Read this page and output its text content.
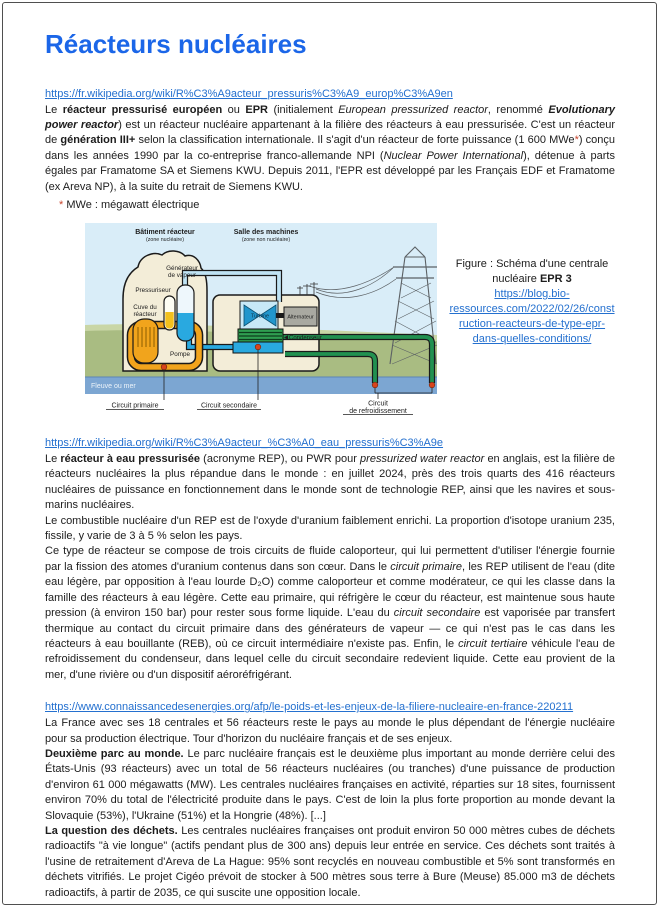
Réacteurs nucléaires
https://fr.wikipedia.org/wiki/R%C3%A9acteur_pressuris%C3%A9_europ%C3%A9en

Le réacteur pressurisé européen ou EPR (initialement European pressurized reactor, renommé Evolutionary power reactor) est un réacteur nucléaire appartenant à la filière des réacteurs à eau pressurisée. C'est un réacteur de génération III+ selon la classification internationale. Il s'agit d'un réacteur de forte puissance (1 600 MWe*) conçu dans les années 1990 par la co-entreprise franco-allemande NPI (Nuclear Power International), détenue à parts égales par Framatome SA et Siemens KWU. Depuis 2011, l'EPR est développé par les Français EDF et Framatome (ex Areva NP), à la suite du retrait de Siemens KWU.

* MWe : mégawatt électrique

Bâtiment réacteur
(zone nucléaire)
Salle des machines
(zone non nucléaire)
Générateur
de vapeur
Pressuriseur
Cuve du
réacteur
Pompe
Turbine	Alternateur
Condenseur
Fleuve ou mer
Circuit primaire	Circuit secondaire	Circuit
de refroidissement
Figure : Schéma d'une centrale nucléaire EPR 3
https://blog.bio-ressources.com/2022/02/26/construction-reacteurs-de-type-epr-dans-quelles-conditions/
https://fr.wikipedia.org/wiki/R%C3%A9acteur_%C3%A0_eau_pressuris%C3%A9e

Le réacteur à eau pressurisée (acronyme REP), ou PWR pour pressurized water reactor en anglais, est la filière de réacteurs nucléaires la plus répandue dans le monde : en juillet 2024, près des trois quarts des 416 réacteurs nucléaires de puissance en fonctionnement dans le monde sont de technologie REP, ainsi que les navires et sous-marins nucléaires.

Le combustible nucléaire d'un REP est de l'oxyde d'uranium faiblement enrichi. La proportion d'isotope uranium 235, fissile, y varie de 3 à 5 % selon les pays.

Ce type de réacteur se compose de trois circuits de fluide caloporteur, qui lui permettent d'utiliser l'énergie fournie par la fission des atomes d'uranium contenus dans son cœur. Dans le circuit primaire, les REP utilisent de l'eau (dite eau légère, par opposition à l'eau lourde D₂O) comme caloporteur et comme modérateur, ce qui les classe dans la famille des réacteurs à eau légère. Cette eau primaire, qui réfrigère le cœur du réacteur, est maintenue sous haute pression (à environ 150 bar) pour rester sous forme liquide. L'eau du circuit secondaire est vaporisée par transfert thermique au contact du circuit primaire dans des générateurs de vapeur — ce qui n'est pas le cas dans les réacteurs à eau bouillante (REB), où ce circuit intermédiaire n'existe pas. Enfin, le circuit tertiaire véhicule l'eau de refroidissement du condenseur, dans lequel celle du circuit secondaire redevient liquide. Cette eau provient de la mer, d'une rivière ou d'un dispositif aéroréfrigérant.

https://www.connaissancedesenergies.org/afp/le-poids-et-les-enjeux-de-la-filiere-nucleaire-en-france-220211

La France avec ses 18 centrales et 56 réacteurs reste le pays au monde le plus dépendant de l'énergie nucléaire pour sa production électrique. Tour d'horizon du nucléaire français et de ses enjeux.

Deuxième parc au monde. Le parc nucléaire français est le deuxième plus important au monde derrière celui des États-Unis (93 réacteurs) avec un total de 56 réacteurs nucléaires (ou tranches) d'une puissance de production d'environ 61 000 mégawatts (MW). Les centrales nucléaires françaises en activité, réparties sur 18 sites, fournissent environ 70% du total de l'électricité produite dans le pays. C'est de loin la plus forte proportion au monde devant la Slovaquie (53%), l'Ukraine (51%) et la Hongrie (48%). [...]

La question des déchets. Les centrales nucléaires françaises ont produit environ 50 000 mètres cubes de déchets radioactifs "à vie longue" (actifs pendant plus de 300 ans) depuis leur entrée en service. Ces déchets sont traités à l'usine de retraitement d'Areva de La Hague: 95% sont recyclés en nouveau combustible et 5% sont transformés en déchets vitrifiés. Le projet Cigéo prévoit de stocker à 500 mètres sous terre à Bure (Meuse) 85.000 m3 de déchets radioactifs, à partir de 2035, ce qui suscite une opposition locale.
